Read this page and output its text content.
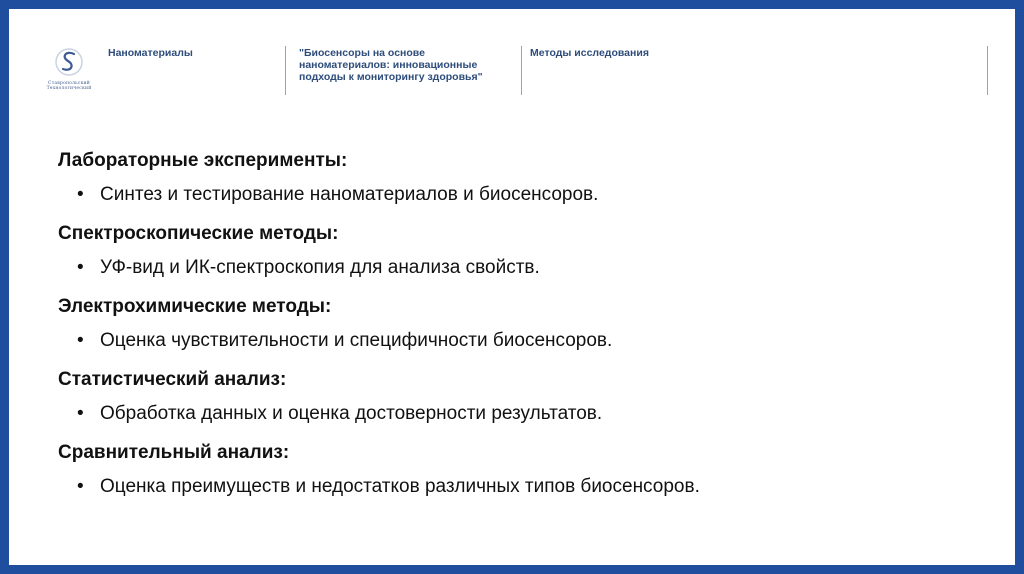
Ставропольский
Технологический
Наноматериалы	"Биосенсоры на основе наноматериалов: инновационные подходы к мониторингу здоровья"
Методы исследования
Лабораторные эксперименты:
• Синтез и тестирование наноматериалов и биосенсоров.
Спектроскопические методы:
• УФ-вид и ИК-спектроскопия для анализа свойств.
Электрохимические методы:
• Оценка чувствительности и специфичности биосенсоров.
Статистический анализ:
• Обработка данных и оценка достоверности результатов.
Сравнительный анализ:
• Оценка преимуществ и недостатков различных типов биосенсоров.
